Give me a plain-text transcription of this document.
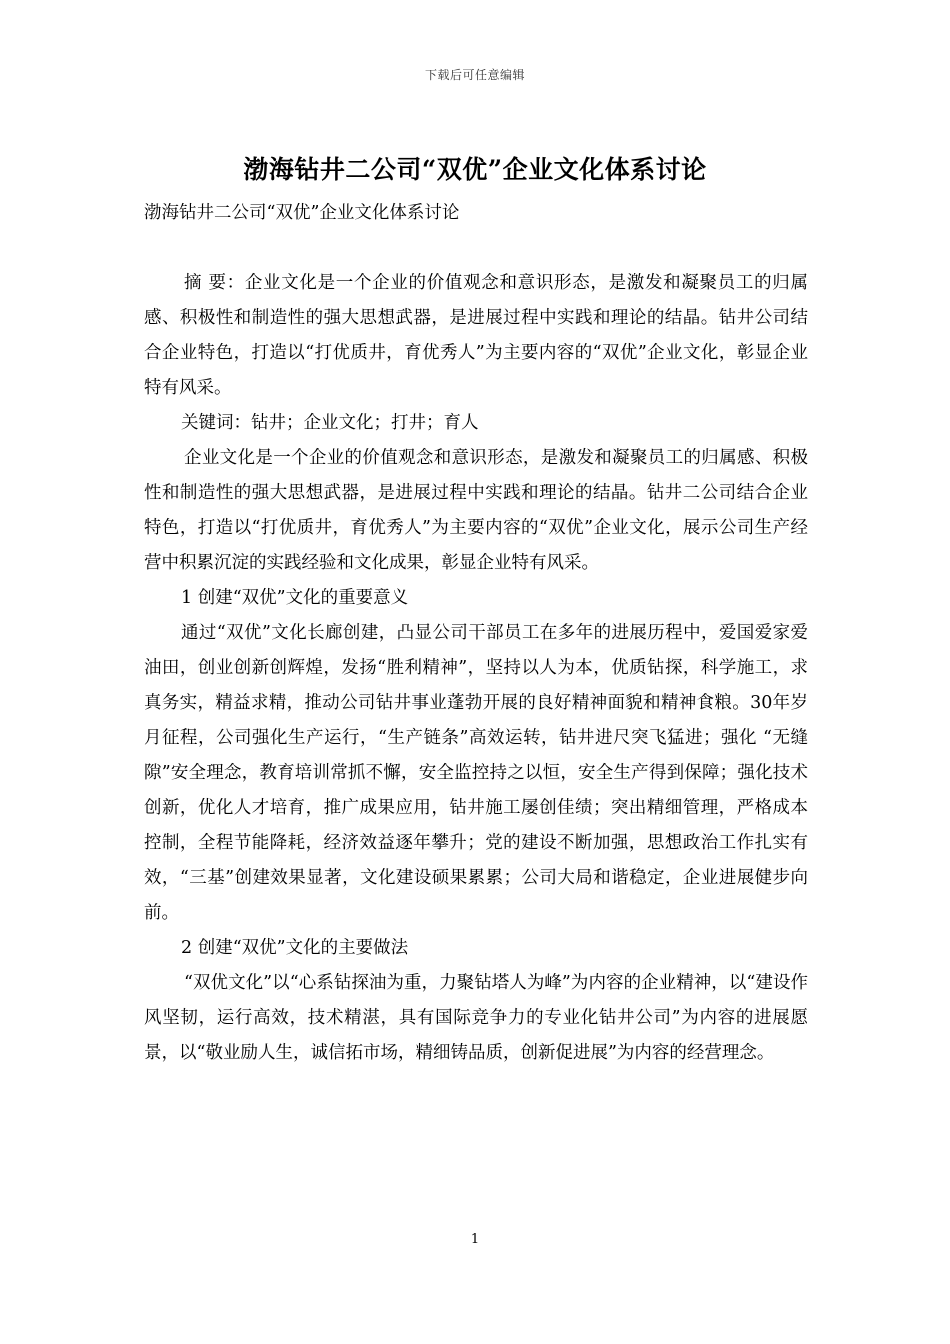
下载后可任意编辑
渤海钻井二公司“双优”企业文化体系讨论

渤海钻井二公司“双优”企业文化体系讨论

摘 要：企业文化是一个企业的价值观念和意识形态，是激发和凝聚员工的归属感、积极性和制造性的强大思想武器，是进展过程中实践和理论的结晶。钻井公司结合企业特色，打造以“打优质井，育优秀人”为主要内容的“双优”企业文化，彰显企业特有风采。

关键词：钻井；企业文化；打井；育人

企业文化是一个企业的价值观念和意识形态，是激发和凝聚员工的归属感、积极性和制造性的强大思想武器，是进展过程中实践和理论的结晶。钻井二公司结合企业特色，打造以“打优质井，育优秀人”为主要内容的“双优”企业文化，展示公司生产经营中积累沉淀的实践经验和文化成果，彰显企业特有风采。

1 创建“双优”文化的重要意义

通过“双优”文化长廊创建，凸显公司干部员工在多年的进展历程中，爱国爱家爱油田，创业创新创辉煌，发扬“胜利精神”，坚持以人为本，优质钻探，科学施工，求真务实，精益求精，推动公司钻井事业蓬勃开展的良好精神面貌和精神食粮。30年岁月征程，公司强化生产运行，“生产链条”高效运转，钻井进尺突飞猛进；强化 “无缝隙”安全理念，教育培训常抓不懈，安全监控持之以恒，安全生产得到保障；强化技术创新，优化人才培育，推广成果应用，钻井施工屡创佳绩；突出精细管理，严格成本控制，全程节能降耗，经济效益逐年攀升；党的建设不断加强，思想政治工作扎实有效，“三基”创建效果显著，文化建设硕果累累；公司大局和谐稳定，企业进展健步向前。

2 创建“双优”文化的主要做法

“双优文化”以“心系钻探油为重，力聚钻塔人为峰”为内容的企业精神，以“建设作风坚韧，运行高效，技术精湛，具有国际竞争力的专业化钻井公司”为内容的进展愿景，以“敬业励人生，诚信拓市场，精细铸品质，创新促进展”为内容的经营理念。

1
